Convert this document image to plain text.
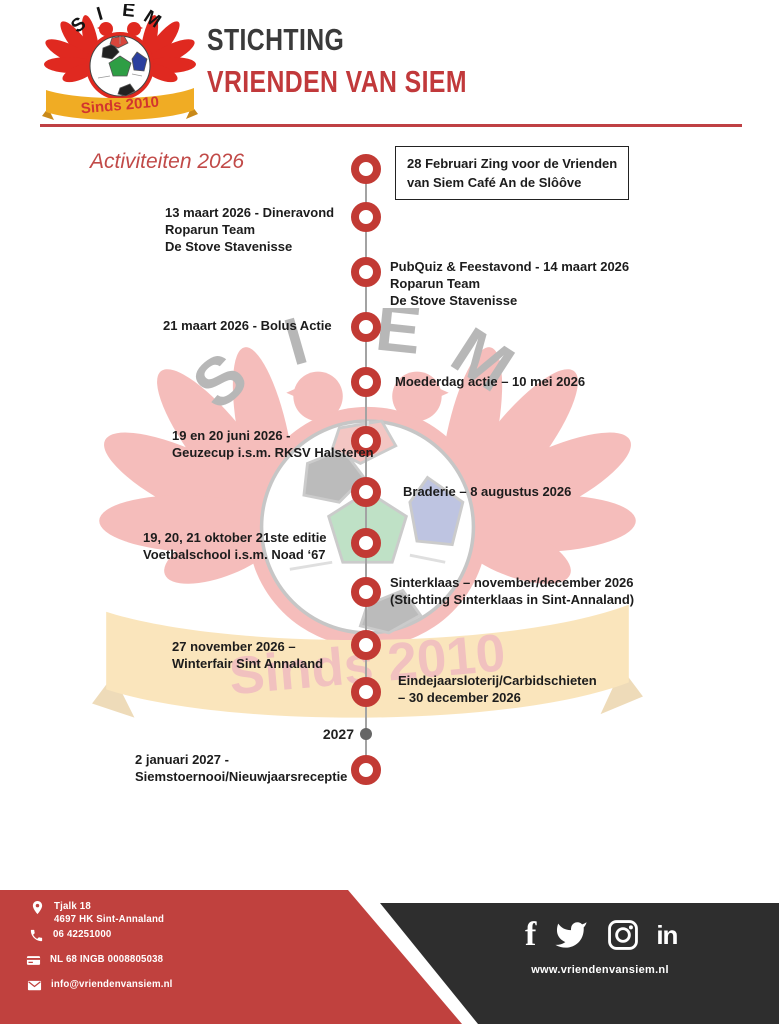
STICHTING
VRIENDEN VAN SIEM
Activiteiten 2026
2027
28 Februari Zing voor de Vrienden
van Siem Café An de Slôôve
13 maart 2026 - Dineravond
Roparun Team
De Stove Stavenisse
PubQuiz & Feestavond - 14 maart 2026
Roparun Team
De Stove Stavenisse
21 maart 2026 - Bolus Actie
Moederdag actie – 10 mei 2026
19 en 20 juni 2026 -
Geuzecup i.s.m. RKSV Halsteren
Braderie – 8 augustus 2026
19, 20, 21 oktober 21ste editie
Voetbalschool i.s.m. Noad ‘67
Sinterklaas – november/december 2026
(Stichting Sinterklaas in Sint-Annaland)
27 november 2026 –
Winterfair Sint Annaland
Eindejaarsloterij/Carbidschieten
– 30 december 2026
2 januari 2027 -
Siemstoernooi/Nieuwjaarsreceptie
Tjalk 18
4697 HK Sint-Annaland
06 42251000
NL 68 INGB 0008805038
info@vriendenvansiem.nl
f	in
www.vriendenvansiem.nl
